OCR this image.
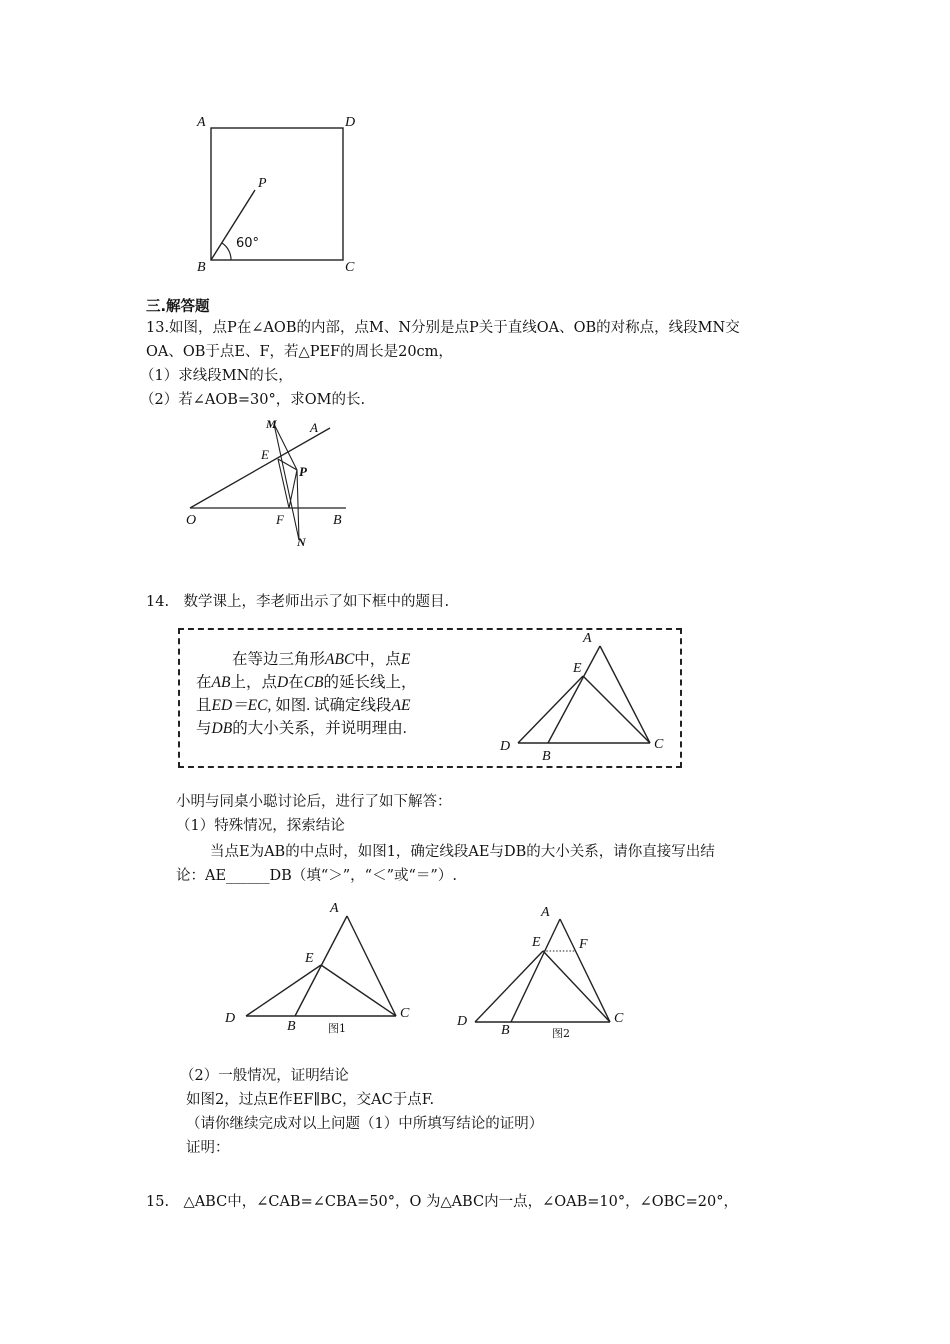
A	D
B	C
P
60°
三.解答题
13.如图，点P在∠AOB的内部，点M、N分别是点P关于直线OA、OB的对称点，线段MN交
OA、OB于点E、F，若△PEF的周长是20cm，
（1）求线段MN的长，
（2）若∠AOB=30°，求OM的长.
M	A
E
P
O	F	B
N
14.　数学课上，李老师出示了如下框中的题目.
在等边三角形ABC中，点E
在AB上，点D在CB的延长线上，
且ED＝EC, 如图. 试确定线段AE
与DB的大小关系，并说明理由.
A
E
D
B
C
小明与同桌小聪讨论后，进行了如下解答：
（1）特殊情况，探索结论
当点E为AB的中点时，如图1，确定线段AE与DB的大小关系，请你直接写出结
论：AE______DB（填“＞”，“＜”或“＝”）.
A
E
D
B
C
图1
A
E	F
D
B
C
图2
（2）一般情况，证明结论
如图2，过点E作EF∥BC，交AC于点F.
（请你继续完成对以上问题（1）中所填写结论的证明）
证明：
15.　△ABC中，∠CAB=∠CBA=50°，O 为△ABC内一点，∠OAB=10°，∠OBC=20°，
